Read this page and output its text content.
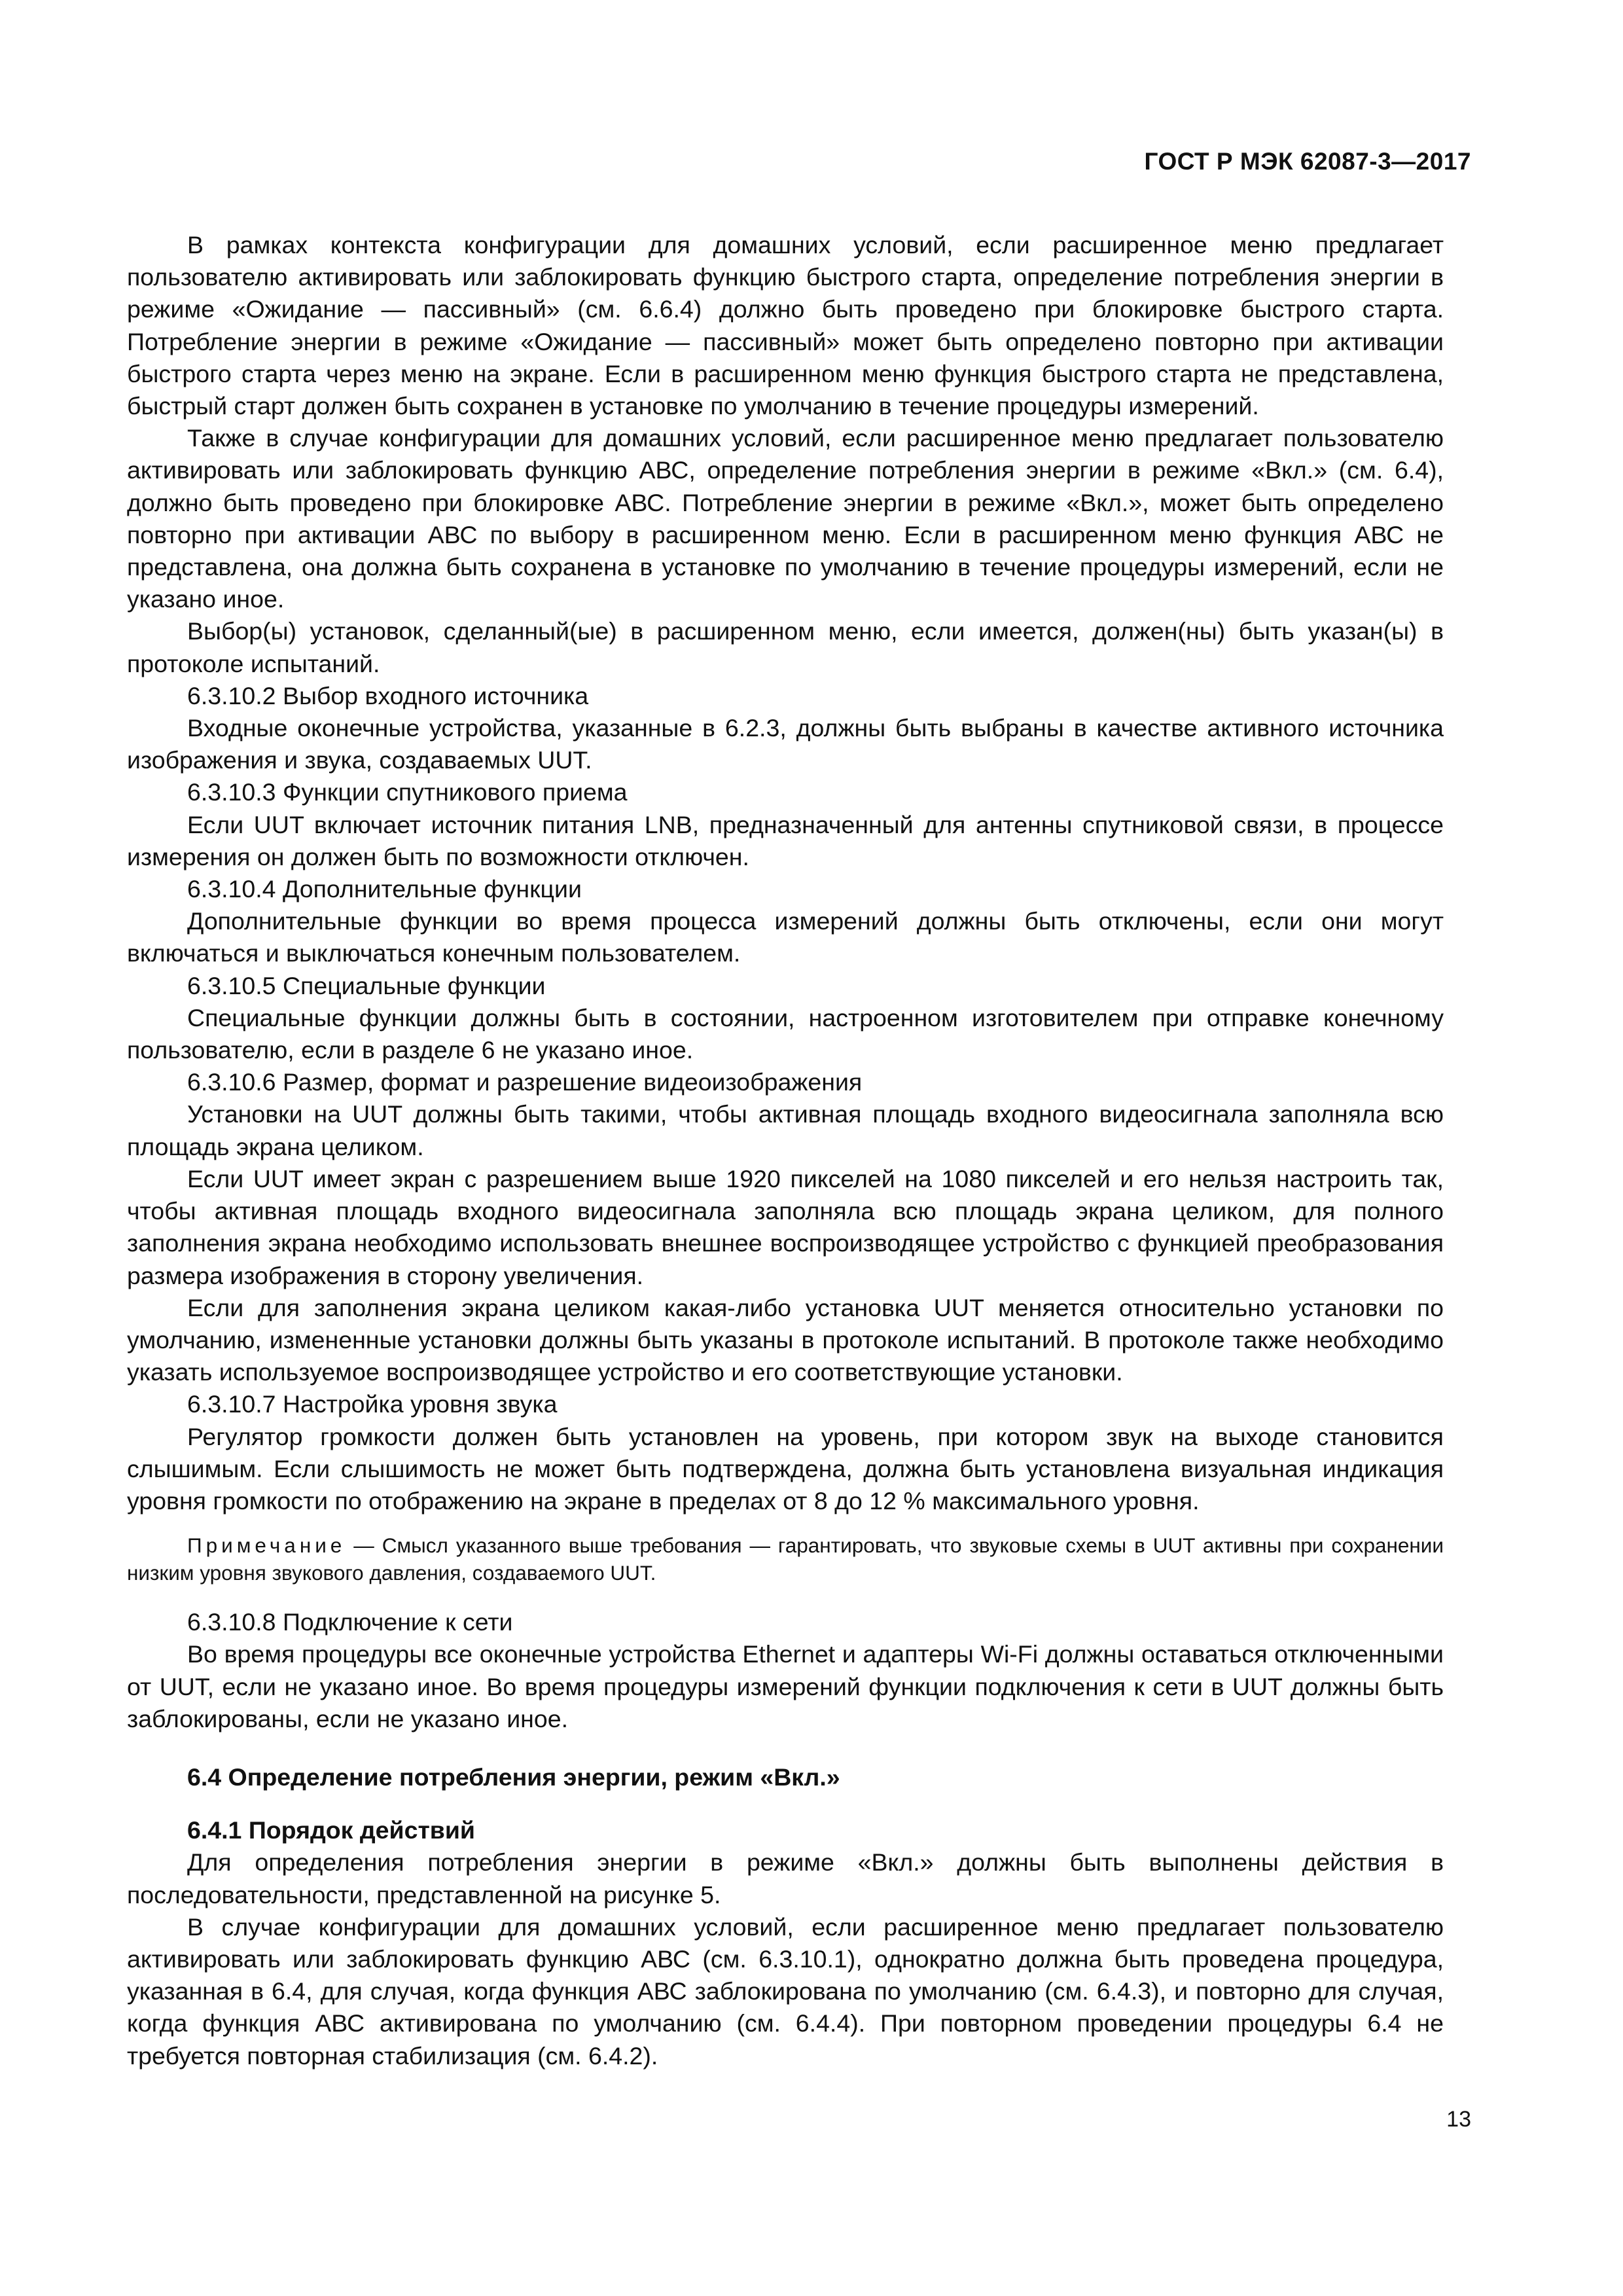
ГОСТ Р МЭК 62087-3—2017

В рамках контекста конфигурации для домашних условий, если расширенное меню предлагает пользователю активировать или заблокировать функцию быстрого старта, определение потребления энергии в режиме «Ожидание — пассивный» (см. 6.6.4) должно быть проведено при блокировке быстрого старта. Потребление энергии в режиме «Ожидание — пассивный» может быть определено повторно при активации быстрого старта через меню на экране. Если в расширенном меню функция быстрого старта не представлена, быстрый старт должен быть сохранен в установке по умолчанию в течение процедуры измерений.

Также в случае конфигурации для домашних условий, если расширенное меню предлагает пользователю активировать или заблокировать функцию АВС, определение потребления энергии в режиме «Вкл.» (см. 6.4), должно быть проведено при блокировке АВС. Потребление энергии в режиме «Вкл.», может быть определено повторно при активации АВС по выбору в расширенном меню. Если в расширенном меню функция АВС не представлена, она должна быть сохранена в установке по умолчанию в течение процедуры измерений, если не указано иное.

Выбор(ы) установок, сделанный(ые) в расширенном меню, если имеется, должен(ны) быть указан(ы) в протоколе испытаний.

6.3.10.2 Выбор входного источника

Входные оконечные устройства, указанные в 6.2.3, должны быть выбраны в качестве активного источника изображения и звука, создаваемых UUT.

6.3.10.3 Функции спутникового приема

Если UUT включает источник питания LNB, предназначенный для антенны спутниковой связи, в процессе измерения он должен быть по возможности отключен.

6.3.10.4 Дополнительные функции

Дополнительные функции во время процесса измерений должны быть отключены, если они могут включаться и выключаться конечным пользователем.

6.3.10.5 Специальные функции

Специальные функции должны быть в состоянии, настроенном изготовителем при отправке конечному пользователю, если в разделе 6 не указано иное.

6.3.10.6 Размер, формат и разрешение видеоизображения

Установки на UUT должны быть такими, чтобы активная площадь входного видеосигнала заполняла всю площадь экрана целиком.

Если UUT имеет экран с разрешением выше 1920 пикселей на 1080 пикселей и его нельзя настроить так, чтобы активная площадь входного видеосигнала заполняла всю площадь экрана целиком, для полного заполнения экрана необходимо использовать внешнее воспроизводящее устройство с функцией преобразования размера изображения в сторону увеличения.

Если для заполнения экрана целиком какая-либо установка UUT меняется относительно установки по умолчанию, измененные установки должны быть указаны в протоколе испытаний. В протоколе также необходимо указать используемое воспроизводящее устройство и его соответствующие установки.

6.3.10.7 Настройка уровня звука

Регулятор громкости должен быть установлен на уровень, при котором звук на выходе становится слышимым. Если слышимость не может быть подтверждена, должна быть установлена визуальная индикация уровня громкости по отображению на экране в пределах от 8 до 12 % максимального уровня.

Примечание — Смысл указанного выше требования — гарантировать, что звуковые схемы в UUT активны при сохранении низким уровня звукового давления, создаваемого UUT.

6.3.10.8 Подключение к сети

Во время процедуры все оконечные устройства Ethernet и адаптеры Wi-Fi должны оставаться отключенными от UUT, если не указано иное. Во время процедуры измерений функции подключения к сети в UUT должны быть заблокированы, если не указано иное.

6.4 Определение потребления энергии, режим «Вкл.»
6.4.1 Порядок действий

Для определения потребления энергии в режиме «Вкл.» должны быть выполнены действия в последовательности, представленной на рисунке 5.

В случае конфигурации для домашних условий, если расширенное меню предлагает пользователю активировать или заблокировать функцию АВС (см. 6.3.10.1), однократно должна быть проведена процедура, указанная в 6.4, для случая, когда функция АВС заблокирована по умолчанию (см. 6.4.3), и повторно для случая, когда функция АВС активирована по умолчанию (см. 6.4.4). При повторном проведении процедуры 6.4 не требуется повторная стабилизация (см. 6.4.2).

13
